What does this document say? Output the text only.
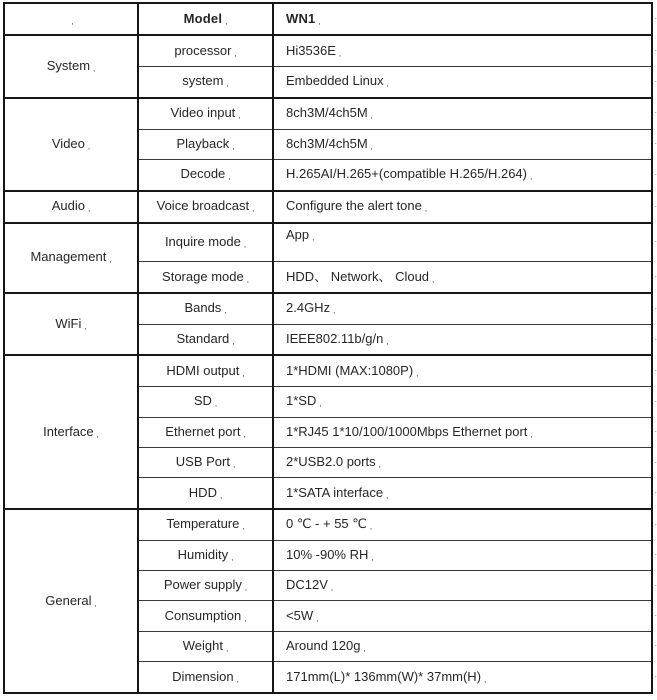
,	Model ,	WN1 ,
System ,	processor ,	Hi3536E ,
	system ,	Embedded Linux ,
Video ,	Video input ,	8ch3M/4ch5M ,
	Playback ,	8ch3M/4ch5M ,
	Decode ,	H.265AI/H.265+(compatible H.265/H.264) ,
Audio ,	Voice broadcast ,	Configure the alert tone ,
Management ,	Inquire mode ,	App ,
	Storage mode ,	HDD、 Network、 Cloud ,
WiFi ,	Bands ,	2.4GHz ,
	Standard ,	IEEE802.11b/g/n ,
Interface ,	HDMI output ,	1*HDMI (MAX:1080P) ,
	SD ,	1*SD ,
	Ethernet port ,	1*RJ45 1*10/100/1000Mbps Ethernet port ,
	USB Port ,	2*USB2.0 ports ,
	HDD ,	1*SATA interface ,
General ,	Temperature ,	0 ℃ - + 55 ℃ ,
	Humidity ,	10% -90% RH ,
	Power supply ,	DC12V ,
	Consumption ,	<5W ,
	Weight ,	Around 120g ,
	Dimension ,	171mm(L)* 136mm(W)* 37mm(H) ,
·
·
·
·
·
·
·
·
·
·
·
·
·
·
·
·
·
·
·
·
·
·
